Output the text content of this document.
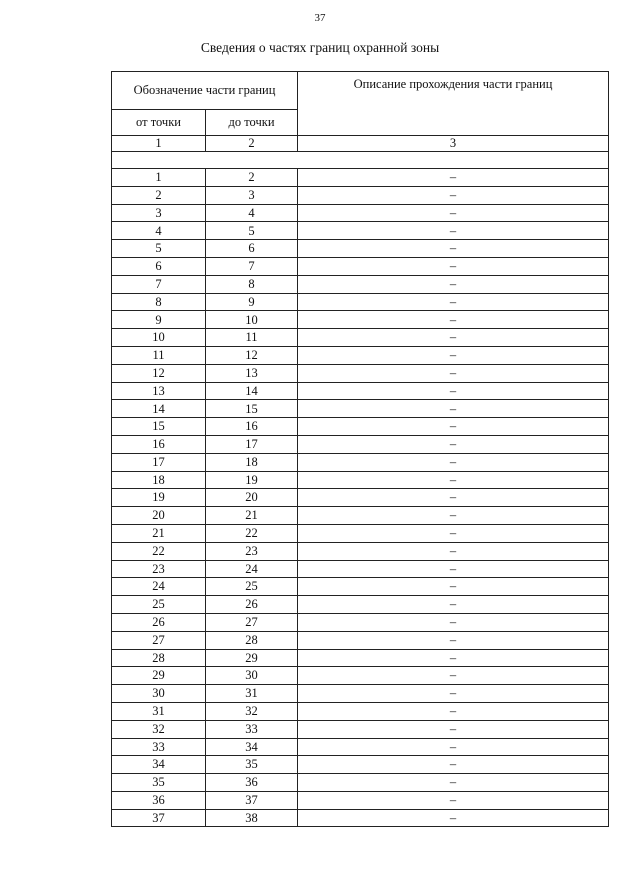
37
Сведения о частях границ охранной зоны
Обозначение части границ		Описание прохождения части границ
от точки	до точки	
1	2	3

1	2	–
2	3	–
3	4	–
4	5	–
5	6	–
6	7	–
7	8	–
8	9	–
9	10	–
10	11	–
11	12	–
12	13	–
13	14	–
14	15	–
15	16	–
16	17	–
17	18	–
18	19	–
19	20	–
20	21	–
21	22	–
22	23	–
23	24	–
24	25	–
25	26	–
26	27	–
27	28	–
28	29	–
29	30	–
30	31	–
31	32	–
32	33	–
33	34	–
34	35	–
35	36	–
36	37	–
37	38	–
